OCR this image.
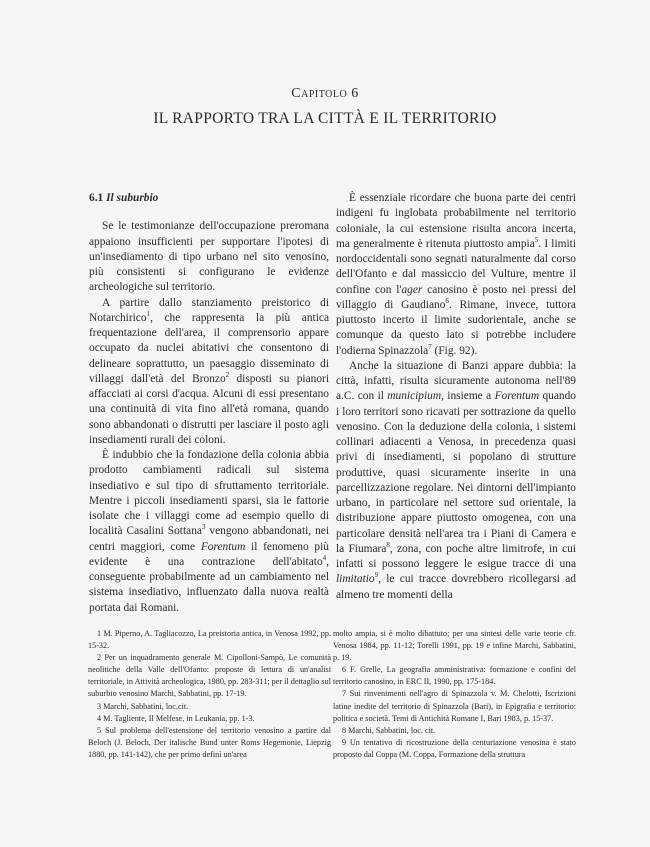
Capitolo 6
IL RAPPORTO TRA LA CITTÀ E IL TERRITORIO
6.1 Il suburbio

Se le testimonianze dell'occupazione preromana appaiono insufficienti per supportare l'ipotesi di un'insediamento di tipo urbano nel sito venosino, più consistenti si configurano le evidenze archeologiche sul territorio.

A partire dallo stanziamento preistorico di Notarchirico$^1$, che rappresenta la più antica frequentazione dell'area, il comprensorio appare occupato da nuclei abitativi che consentono di delineare soprattutto, un paesaggio disseminato di villaggi dall'età del Bronzo$^2$ disposti su pianori affacciati ai corsi d'acqua. Alcuni di essi presentano una continuità di vita fino all'età romana, quando sono abbandonati o distrutti per lasciare il posto agli insediamenti rurali dei coloni.

È indubbio che la fondazione della colonia abbia prodotto cambiamenti radicali sul sistema insediativo e sul tipo di sfruttamento territoriale. Mentre i piccoli insediamenti sparsi, sia le fattorie isolate che i villaggi come ad esempio quello di località Casalini Sottana$^3$ vengono abbandonati, nei centri maggiori, come Forentum il fenomeno più evidente è una contrazione dell'abitato$^4$, conseguente probabilmente ad un cambiamento nel sistema insediativo, influenzato dalla nuova realtà portata dai Romani.

È essenziale ricordare che buona parte dei centri indigeni fu inglobata probabilmente nel territorio coloniale, la cui estensione risulta ancora incerta, ma generalmente è ritenuta piuttosto ampia$^5$. I limiti nordoccidentali sono segnati naturalmente dal corso dell'Ofanto e dal massiccio del Vulture, mentre il confine con l'ager canosino è posto nei pressi del villaggio di Gaudiano$^6$. Rimane, invece, tuttora piuttosto incerto il limite sudorientale, anche se comunque da questo lato si potrebbe includere l'odierna Spinazzola$^7$ (Fig. 92).

Anche la situazione di Banzi appare dubbia: la città, infatti, risulta sicuramente autonoma nell'89 a.C. con il municipium, insieme a Forentum quando i loro territori sono ricavati per sottrazione da quello venosino. Con la deduzione della colonia, i sistemi collinari adiacenti a Venosa, in precedenza quasi privi di insediamenti, si popolano di strutture produttive, quasi sicuramente inserite in una parcellizzazione regolare. Nei dintorni dell'impianto urbano, in particolare nel settore sud orientale, la distribuzione appare piuttosto omogenea, con una particolare densità nell'area tra i Piani di Camera e la Fiumara$^8$, zona, con poche altre limitrofe, in cui infatti si possono leggere le esigue tracce di una limitatio$^9$, le cui tracce dovrebbero ricollegarsi ad almeno tre momenti della

1 M. Piperno, A. Tagliacozzo, La preistoria antica, in Venosa 1992, pp. 15-32.

2 Per un inquadramento generale M. Cipolloni-Sampò, Le comunità neolitiche della Valle dell'Ofanto: proposte di lettura di un'analisi territoriale, in Attività archeologica, 1980, pp. 283-311; per il dettaglio sul suburbio venosino Marchi, Sabbatini, pp. 17-19.

3 Marchi, Sabbatini, loc.cit.

4 M. Tagliente, Il Melfese, in Leukania, pp. 1-3.

5 Sul problema dell'estensione del territorio venosino a partire dal Beloch (J. Beloch, Der italische Bund unter Roms Hegemonie, Liepzig 1880, pp. 141-142), che per primo definì un'area

molto ampia, si è molto dibattuto; per una sintesi delle varie teorie cfr. Venosa 1984, pp. 11-12; Torelli 1991, pp. 19 e infine Marchi, Sabbatini, p. 19.

6 F. Grelle, La geografia amministrativa: formazione e confini del territorio canosino, in ERC II, 1990, pp. 175-184.

7 Sui rinvenimenti nell'agro di Spinazzola v. M. Chelotti, Iscrizioni latine inedite del territorio di Spinazzola (Bari), in Epigrafia e territorio: politica e società. Temi di Antichità Romane I, Bari 1983, p. 15-37.

8 Marchi, Sabbatini, loc. cit.

9 Un tentativo di ricostruzione della centuriazione venosina è stato proposto dal Coppa (M. Coppa, Formazione della struttura
